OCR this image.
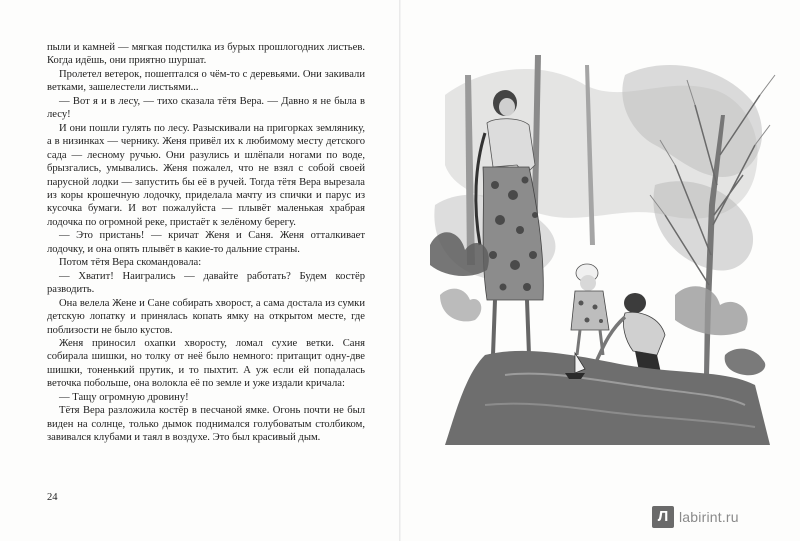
пыли и камней — мягкая подстилка из бурых прошлогодних листьев. Когда идёшь, они приятно шуршат.

Пролетел ветерок, пошептался о чём-то с деревьями. Они закивали ветками, зашелестели листьями...

— Вот я и в лесу, — тихо сказала тётя Вера. — Давно я не была в лесу!

И они пошли гулять по лесу. Разыскивали на пригорках землянику, а в низинках — чернику. Женя привёл их к любимому месту детского сада — лесному ручью. Они разулись и шлёпали ногами по воде, брызгались, умывались. Женя пожалел, что не взял с собой своей парусной лодки — запустить бы её в ручей. Тогда тётя Вера вырезала из коры крошечную лодочку, приделала мачту из спички и парус из кусочка бумаги. И вот пожалуйста — плывёт маленькая храбрая лодочка по огромной реке, пристаёт к зелёному берегу.

— Это пристань! — кричат Женя и Саня. Женя отталкивает лодочку, и она опять плывёт в какие-то дальние страны.

Потом тётя Вера скомандовала:

— Хватит! Наигрались — давайте работать? Будем костёр разводить.

Она велела Жене и Сане собирать хворост, а сама достала из сумки детскую лопатку и принялась копать ямку на открытом месте, где поблизости не было кустов.

Женя приносил охапки хворосту, ломал сухие ветки. Саня собирала шишки, но толку от неё было немного: притащит одну-две шишки, тоненький прутик, и то пыхтит. А уж если ей попадалась веточка побольше, она волокла её по земле и уже издали кричала:

— Тащу огромную дровину!

Тётя Вера разложила костёр в песчаной ямке. Огонь почти не был виден на солнце, только дымок поднимался голубоватым столбиком, завивался клубами и таял в воздухе. Это был красивый дым.

24
Л labirint.ru
